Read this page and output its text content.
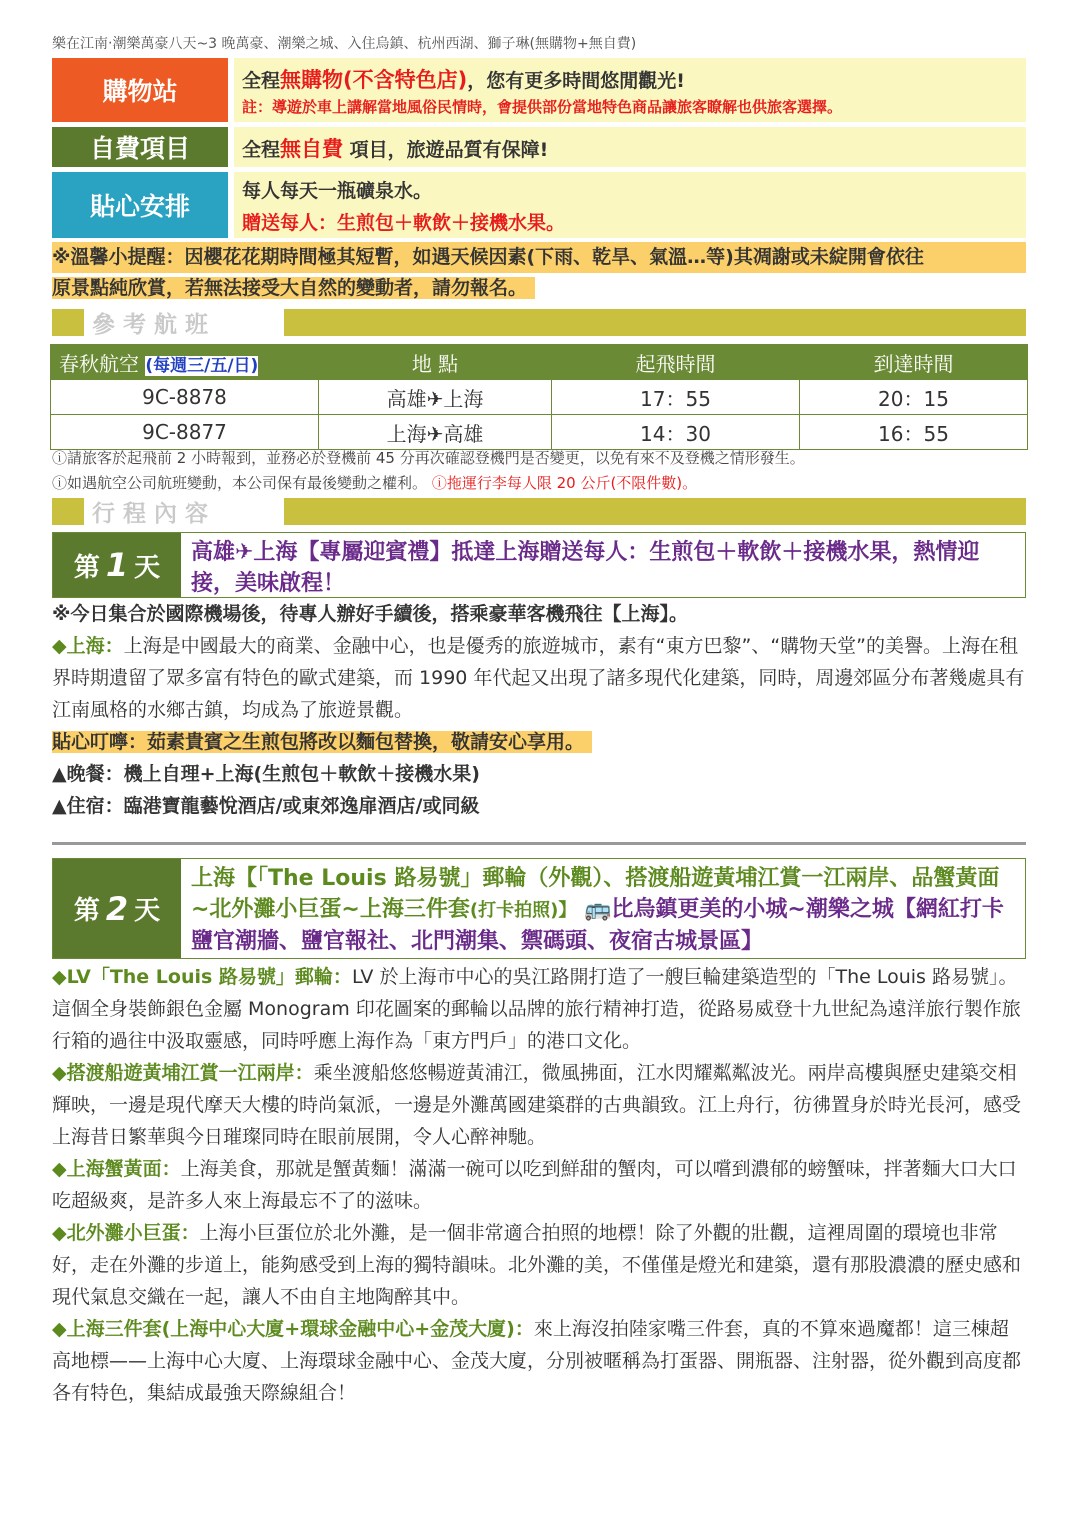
樂在江南‧潮樂萬豪八天~3 晚萬豪、潮樂之城、入住烏鎮、杭州西湖、獅子琳(無購物+無自費)
購物站	全程無購物(不含特色店)，您有更多時間悠閒觀光!
註：導遊於車上講解當地風俗民情時，會提供部份當地特色商品讓旅客瞭解也供旅客選擇。
自費項目	全程無自費 項目，旅遊品質有保障!
貼心安排
每人每天一瓶礦泉水。
贈送每人：生煎包＋軟飲＋接機水果。
※溫馨小提醒：因櫻花花期時間極其短暫，如遇天候因素(下雨、乾旱、氣溫…等)其凋謝或未綻開會依往
原景點純欣賞，若無法接受大自然的變動者，請勿報名。
參考航班
春秋航空 (每週三/五/日)	地 點	起飛時間	到達時間
9C-8878	高雄✈上海	17：55	20：15
9C-8877	上海✈高雄	14：30	16：55
ⓘ請旅客於起飛前 2 小時報到，並務必於登機前 45 分再次確認登機門是否變更，以免有來不及登機之情形發生。
ⓘ如遇航空公司航班變動，本公司保有最後變動之權利。 ⓘ拖運行李每人限 20 公斤(不限件數)。
行程內容
第 1 天	高雄✈上海【專屬迎賓禮】抵達上海贈送每人：生煎包＋軟飲＋接機水果，熱情迎接，美味啟程！
※今日集合於國際機場後，待專人辦好手續後，搭乘豪華客機飛往【上海】。
◆上海：上海是中國最大的商業、金融中心，也是優秀的旅遊城市，素有“東方巴黎”、“購物天堂”的美譽。上海在租界時期遺留了眾多富有特色的歐式建築，而 1990 年代起又出現了諸多現代化建築，同時，周邊郊區分布著幾處具有江南風格的水鄉古鎮，均成為了旅遊景觀。
貼心叮嚀：茹素貴賓之生煎包將改以麵包替換，敬請安心享用。
▲晚餐：機上自理+上海(生煎包＋軟飲＋接機水果)
▲住宿：臨港寶龍藝悅酒店/或東郊逸扉酒店/或同級
第 2 天
上海【「The Louis 路易號」郵輪（外觀）、搭渡船遊黃埔江賞一江兩岸、品蟹黃面~北外灘小巨蛋~上海三件套(打卡拍照)】 🚌比烏鎮更美的小城~潮樂之城【網紅打卡鹽官潮牆、鹽官報社、北門潮集、禦碼頭、夜宿古城景區】
◆LV「The Louis 路易號」郵輪：LV 於上海市中心的吳江路開打造了一艘巨輪建築造型的「The Louis 路易號」。這個全身裝飾銀色金屬 Monogram 印花圖案的郵輪以品牌的旅行精神打造，從路易威登十九世紀為遠洋旅行製作旅行箱的過往中汲取靈感，同時呼應上海作為「東方門戶」的港口文化。
◆搭渡船遊黃埔江賞一江兩岸：乘坐渡船悠悠暢遊黃浦江，微風拂面，江水閃耀粼粼波光。兩岸高樓與歷史建築交相輝映，一邊是現代摩天大樓的時尚氣派，一邊是外灘萬國建築群的古典韻致。江上舟行，彷彿置身於時光長河，感受上海昔日繁華與今日璀璨同時在眼前展開，令人心醉神馳。
◆上海蟹黃面：上海美食，那就是蟹黃麵！滿滿一碗可以吃到鮮甜的蟹肉，可以嚐到濃郁的螃蟹味，拌著麵大口大口吃超級爽，是許多人來上海最忘不了的滋味。
◆北外灘小巨蛋：上海小巨蛋位於北外灘，是一個非常適合拍照的地標！除了外觀的壯觀，這裡周圍的環境也非常好，走在外灘的步道上，能夠感受到上海的獨特韻味。北外灘的美，不僅僅是燈光和建築，還有那股濃濃的歷史感和現代氣息交織在一起，讓人不由自主地陶醉其中。
◆上海三件套(上海中心大廈+環球金融中心+金茂大廈)：來上海沒拍陸家嘴三件套，真的不算來過魔都！這三棟超高地標——上海中心大廈、上海環球金融中心、金茂大廈，分別被暱稱為打蛋器、開瓶器、注射器，從外觀到高度都各有特色，集結成最強天際線組合！
